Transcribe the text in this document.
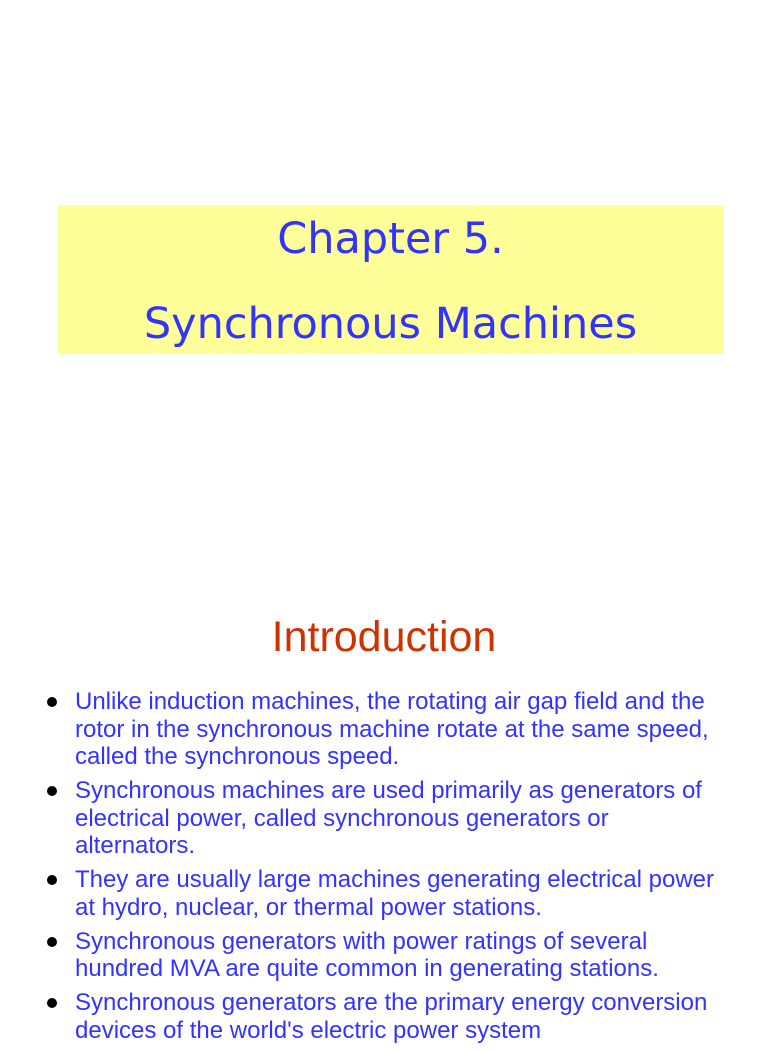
Chapter 5.
Synchronous Machines
Introduction
Unlike induction machines, the rotating air gap field and the rotor in the synchronous machine rotate at the same speed, called the synchronous speed.
Synchronous machines are used primarily as generators of electrical power, called synchronous generators or alternators.
They are usually large machines generating electrical power at hydro, nuclear, or thermal power stations.
Synchronous generators with power ratings of several hundred MVA are quite common in generating stations.
Synchronous generators are the primary energy conversion devices of the world's electric power system
